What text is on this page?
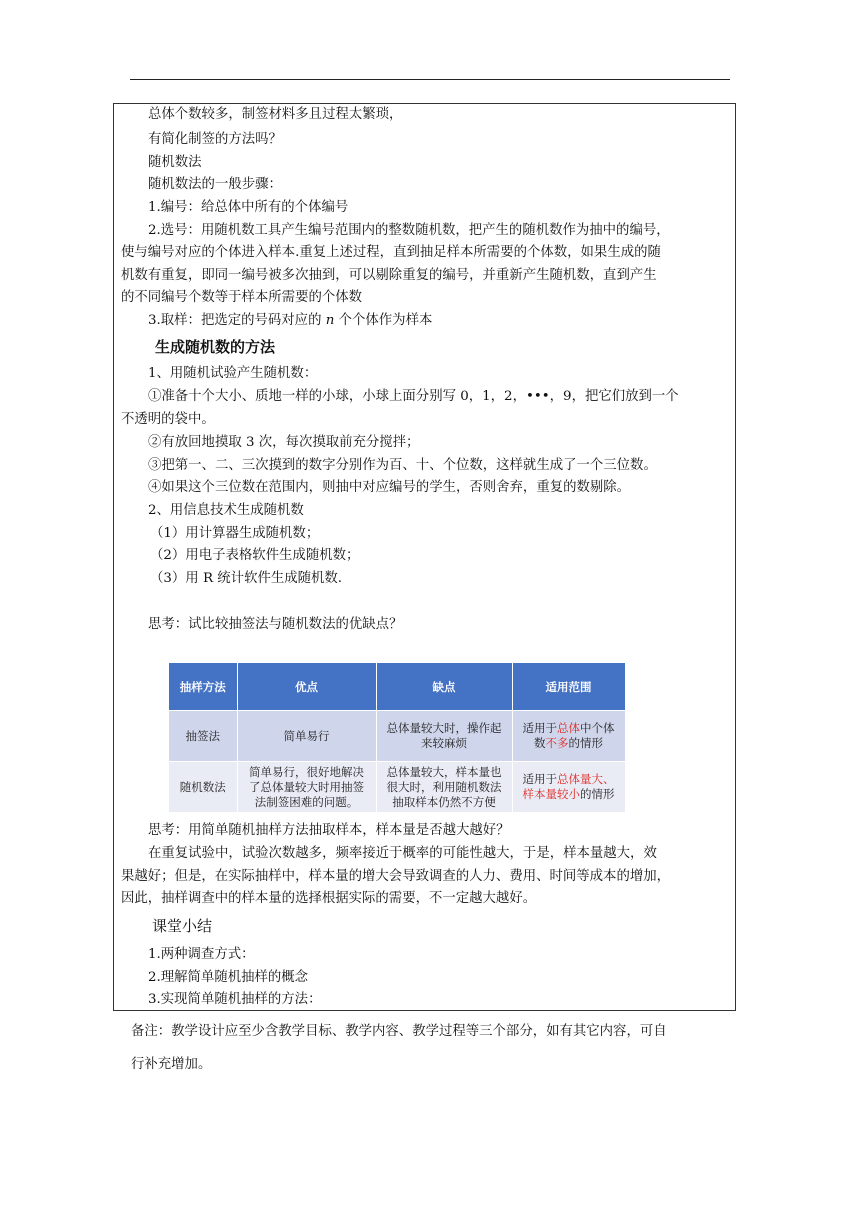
总体个数较多，制签材料多且过程太繁琐，
有简化制签的方法吗？
随机数法
随机数法的一般步骤：
1.编号：给总体中所有的个体编号
2.选号：用随机数工具产生编号范围内的整数随机数，把产生的随机数作为抽中的编号，
使与编号对应的个体进入样本.重复上述过程，直到抽足样本所需要的个体数，如果生成的随
机数有重复，即同一编号被多次抽到，可以剔除重复的编号，并重新产生随机数，直到产生
的不同编号个数等于样本所需要的个体数
3.取样：把选定的号码对应的 n 个个体作为样本
生成随机数的方法
1、用随机试验产生随机数：
①准备十个大小、质地一样的小球，小球上面分别写 0，1，2，•••，9，把它们放到一个
不透明的袋中。
②有放回地摸取 3 次，每次摸取前充分搅拌；
③把第一、二、三次摸到的数字分别作为百、十、个位数，这样就生成了一个三位数。
④如果这个三位数在范围内，则抽中对应编号的学生，否则舍弃，重复的数剔除。
2、用信息技术生成随机数
（1）用计算器生成随机数；
（2）用电子表格软件生成随机数；
（3）用 R 统计软件生成随机数.
思考：试比较抽签法与随机数法的优缺点？
抽样方法	优点	缺点	适用范围
抽签法	简单易行	总体量较大时，操作起
来较麻烦	适用于总体中个体
数不多的情形
随机数法	简单易行，很好地解决
了总体量较大时用抽签
法制签困难的问题。	总体量较大，样本量也
很大时，利用随机数法
抽取样本仍然不方便	适用于总体量大、
样本量较小的情形
思考：用简单随机抽样方法抽取样本，样本量是否越大越好？
在重复试验中，试验次数越多，频率接近于概率的可能性越大，于是，样本量越大，效
果越好；但是，在实际抽样中，样本量的增大会导致调查的人力、费用、时间等成本的增加，
因此，抽样调查中的样本量的选择根据实际的需要，不一定越大越好。
课堂小结
1.两种调查方式：
2.理解简单随机抽样的概念
3.实现简单随机抽样的方法：
备注：教学设计应至少含教学目标、教学内容、教学过程等三个部分，如有其它内容，可自
行补充增加。
